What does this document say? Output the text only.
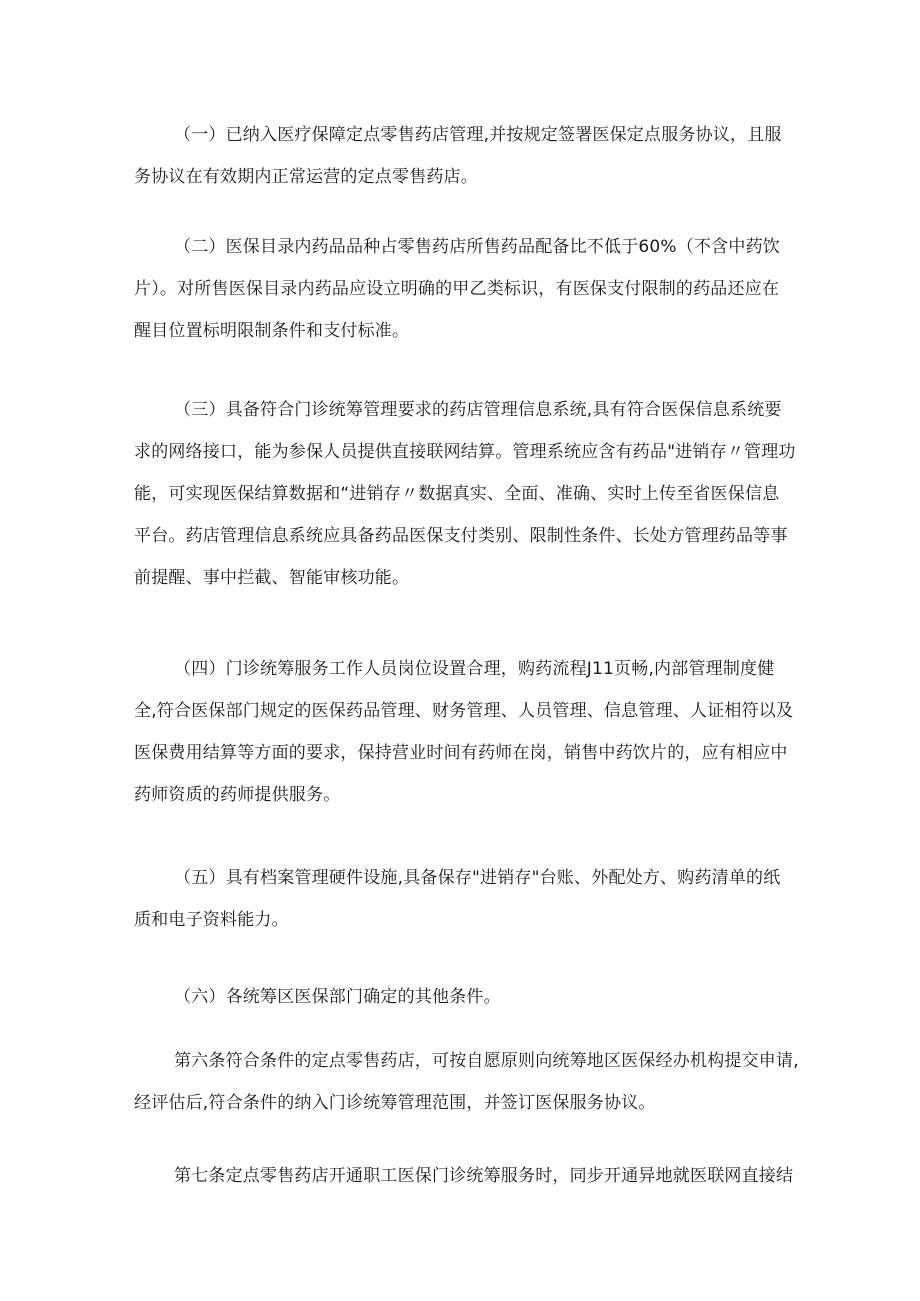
（一）已纳入医疗保障定点零售药店管理,并按规定签署医保定点服务协议，且服
务协议在有效期内正常运营的定点零售药店。
（二）医保目录内药品品种占零售药店所售药品配备比不低于60%（不含中药饮
片）。对所售医保目录内药品应设立明确的甲乙类标识，有医保支付限制的药品还应在
醒目位置标明限制条件和支付标准。
（三）具备符合门诊统筹管理要求的药店管理信息系统,具有符合医保信息系统要
求的网络接口，能为参保人员提供直接联网结算。管理系统应含有药品"进销存〃管理功
能，可实现医保结算数据和“进销存〃数据真实、全面、准确、实时上传至省医保信息
平台。药店管理信息系统应具备药品医保支付类别、限制性条件、长处方管理药品等事
前提醒、事中拦截、智能审核功能。
（四）门诊统筹服务工作人员岗位设置合理，购药流程J11页畅,内部管理制度健
全,符合医保部门规定的医保药品管理、财务管理、人员管理、信息管理、人证相符以及
医保费用结算等方面的要求，保持营业时间有药师在岗，销售中药饮片的，应有相应中
药师资质的药师提供服务。
（五）具有档案管理硬件设施,具备保存"进销存"台账、外配处方、购药清单的纸
质和电子资料能力。
（六）各统筹区医保部门确定的其他条件。
第六条符合条件的定点零售药店，可按自愿原则向统筹地区医保经办机构提交申请,
经评估后,符合条件的纳入门诊统筹管理范围，并签订医保服务协议。
第七条定点零售药店开通职工医保门诊统筹服务时，同步开通异地就医联网直接结
